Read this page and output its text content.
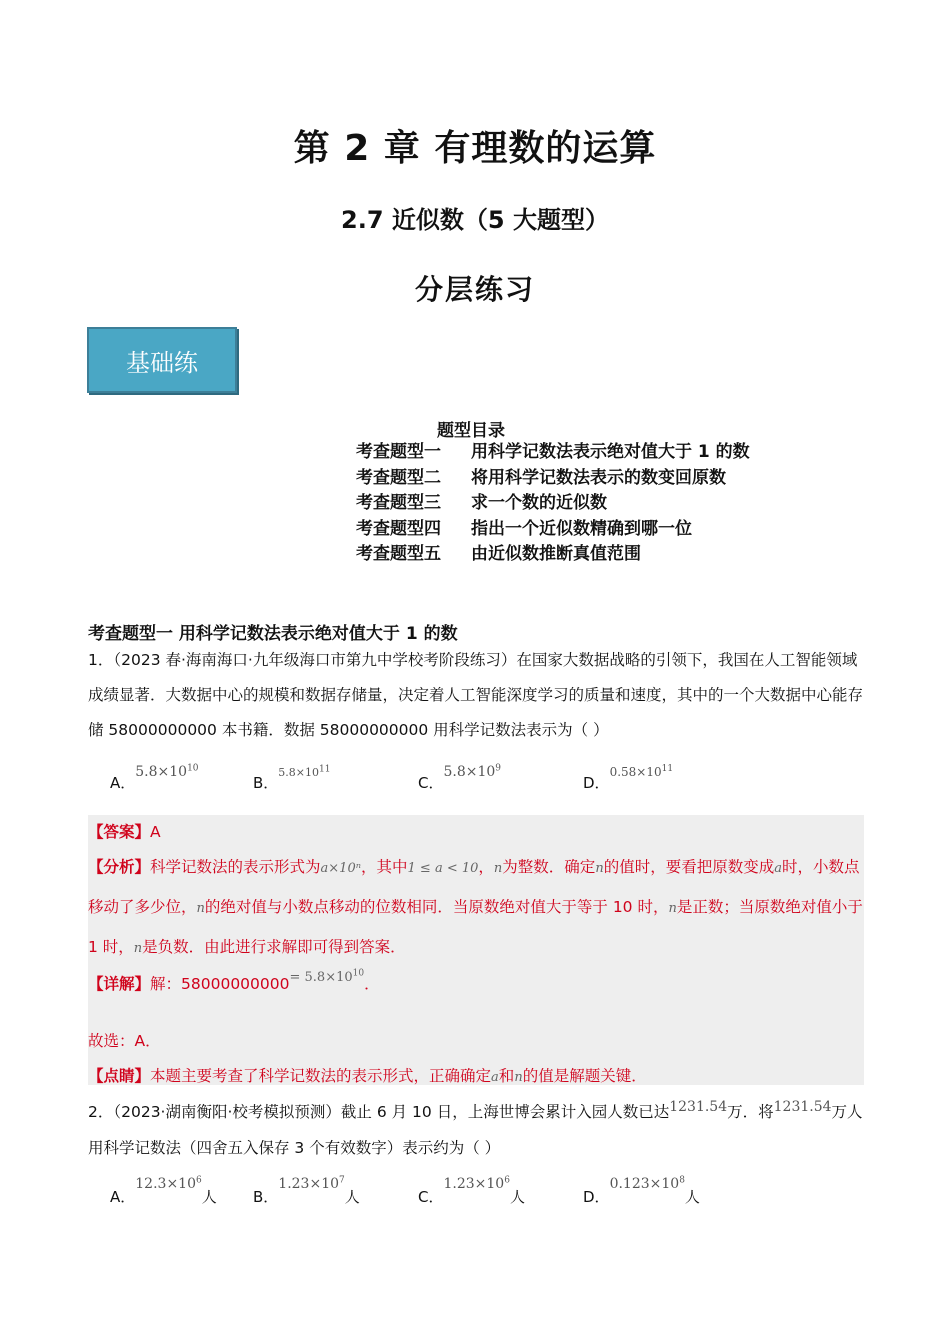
第 2 章 有理数的运算
2.7 近似数（5 大题型）
分层练习
基础练
题型目录
考查题型一 用科学记数法表示绝对值大于 1 的数
考查题型二 将用科学记数法表示的数变回原数
考查题型三 求一个数的近似数
考查题型四 指出一个近似数精确到哪一位
考查题型五 由近似数推断真值范围
考查题型一 用科学记数法表示绝对值大于 1 的数
1．（2023 春·海南海口·九年级海口市第九中学校考阶段练习）在国家大数据战略的引领下，我国在人工智能领域成绩显著．大数据中心的规模和数据存储量，决定着人工智能深度学习的质量和速度，其中的一个大数据中心能存储 58000000000 本书籍．数据 58000000000 用科学记数法表示为（ ）
A．$5.8\times 10^{10}$
B．$5.8\times 10^{11}$
C．$5.8\times 10^9$
D．$0.58\times 10^{11}$
【答案】A
【分析】科学记数法的表示形式为a×10ⁿ，其中1 ≤ a < 10，n为整数．确定n的值时，要看把原数变成a时，小数点移动了多少位，n的绝对值与小数点移动的位数相同．当原数绝对值大于等于 10 时，n是正数；当原数绝对值小于 1 时，n是负数．由此进行求解即可得到答案．
【详解】解：$58000000000^{= 5.8\times 10^{10}}$．
故选：A．
【点睛】本题主要考查了科学记数法的表示形式，正确确定a和n的值是解题关键．
2．（2023·湖南衡阳·校考模拟预测）截止 6 月 10 日，上海世博会累计入园人数已达1231.54万．将1231.54万人用科学记数法（四舍五入保存 3 个有效数字）表示约为（ ）
A．$12.3\times 10^6$人 B．$1.23\times 10^7$人	C．$1.23\times 10^6$人	D．$0.123\times 10^8$人
